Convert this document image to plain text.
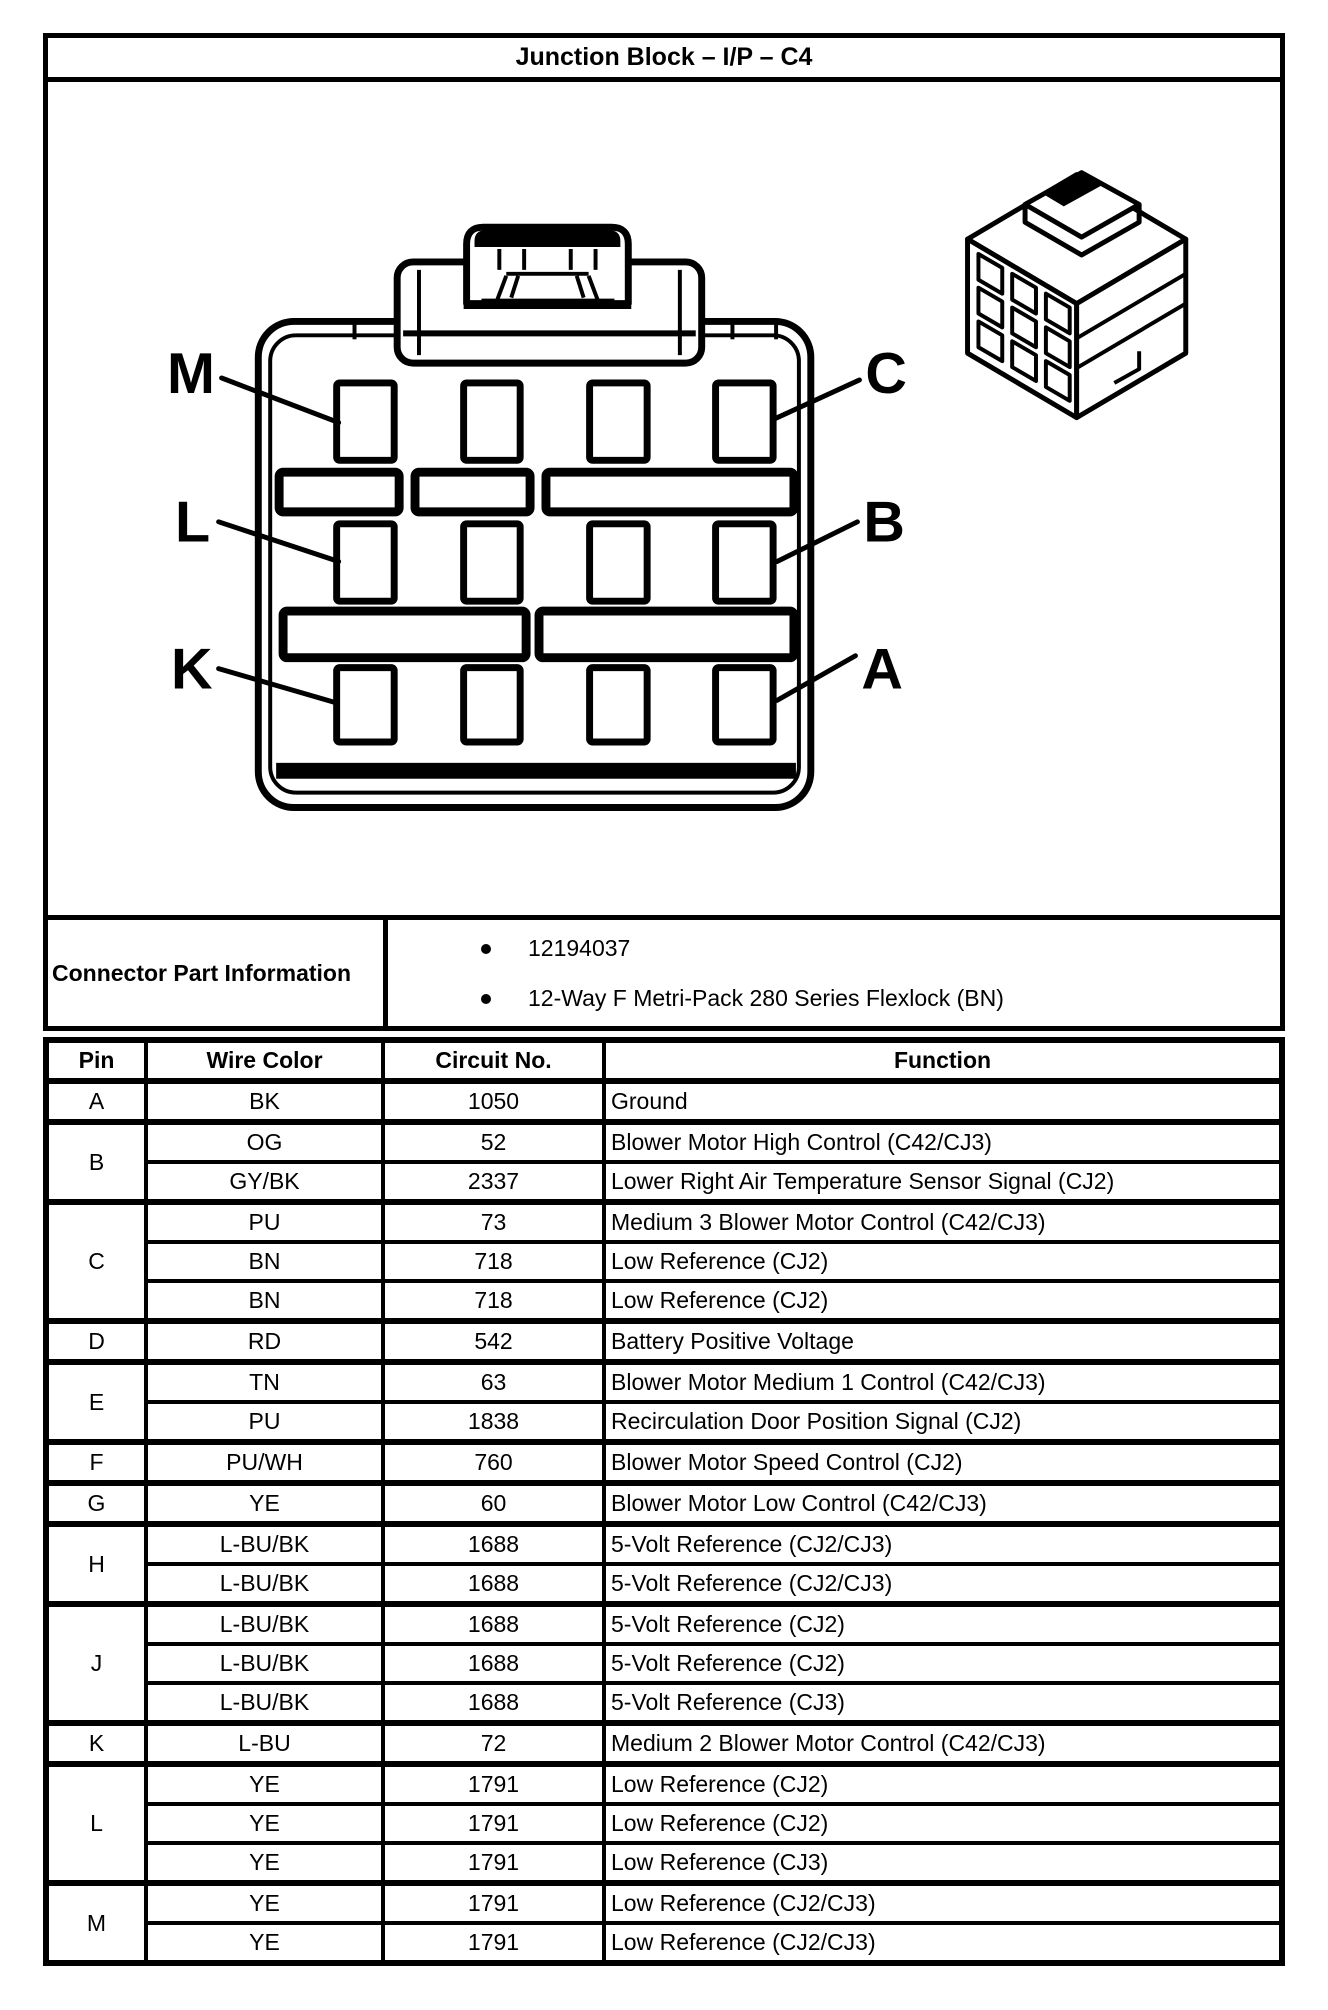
Junction Block – I/P – C4
M
L
K
C
B
A
Connector Part Information
12194037
12-Way F Metri-Pack 280 Series Flexlock (BN)
Pin	Wire Color	Circuit No.	Function
A	BK	1050	Ground
B	OG	52	Blower Motor High Control (C42/CJ3)
	GY/BK	2337	Lower Right Air Temperature Sensor Signal (CJ2)
C	PU	73	Medium 3 Blower Motor Control (C42/CJ3)
	BN	718	Low Reference (CJ2)
	BN	718	Low Reference (CJ2)
D	RD	542	Battery Positive Voltage
E	TN	63	Blower Motor Medium 1 Control (C42/CJ3)
	PU	1838	Recirculation Door Position Signal (CJ2)
F	PU/WH	760	Blower Motor Speed Control (CJ2)
G	YE	60	Blower Motor Low Control (C42/CJ3)
H	L-BU/BK	1688	5-Volt Reference (CJ2/CJ3)
	L-BU/BK	1688	5-Volt Reference (CJ2/CJ3)
J	L-BU/BK	1688	5-Volt Reference (CJ2)
	L-BU/BK	1688	5-Volt Reference (CJ2)
	L-BU/BK	1688	5-Volt Reference (CJ3)
K	L-BU	72	Medium 2 Blower Motor Control (C42/CJ3)
L	YE	1791	Low Reference (CJ2)
	YE	1791	Low Reference (CJ2)
	YE	1791	Low Reference (CJ3)
M	YE	1791	Low Reference (CJ2/CJ3)
	YE	1791	Low Reference (CJ2/CJ3)
